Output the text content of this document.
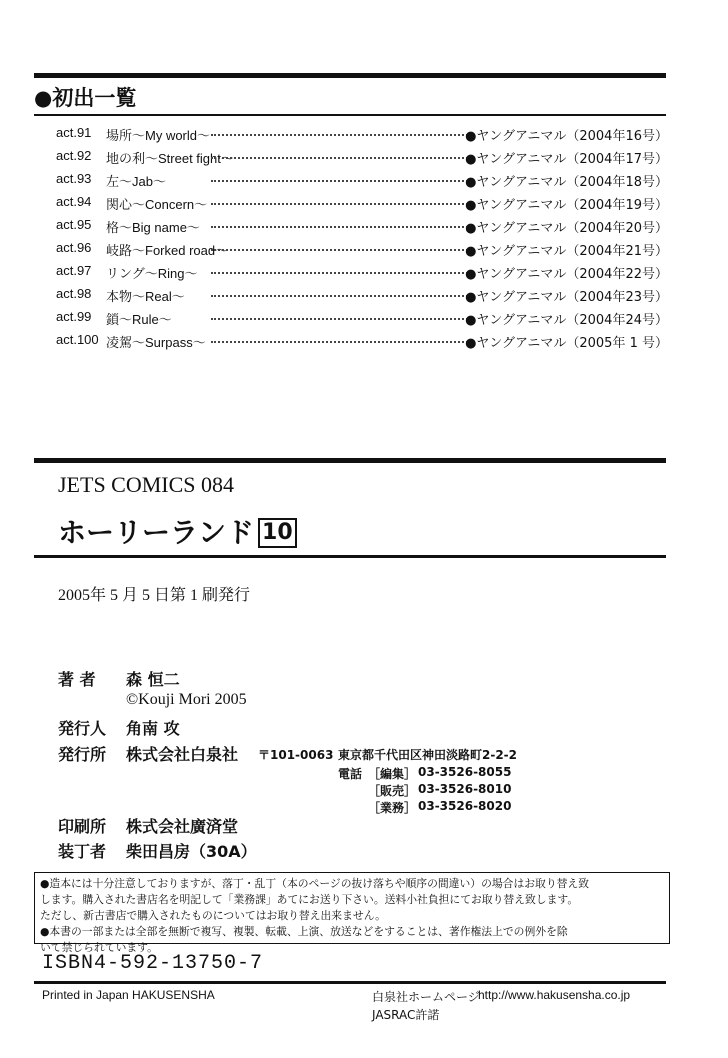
●初出一覧
act.91 場所〜My world〜	●ヤングアニマル（2004年16号）
act.92 地の利〜Street fight〜	●ヤングアニマル（2004年17号）
act.93 左〜Jab〜	●ヤングアニマル（2004年18号）
act.94 関心〜Concern〜	●ヤングアニマル（2004年19号）
act.95 格〜Big name〜	●ヤングアニマル（2004年20号）
act.96 岐路〜Forked road〜	●ヤングアニマル（2004年21号）
act.97 リング〜Ring〜	●ヤングアニマル（2004年22号）
act.98 本物〜Real〜	●ヤングアニマル（2004年23号）
act.99 鎖〜Rule〜	●ヤングアニマル（2004年24号）
act.100 凌駕〜Surpass〜	●ヤングアニマル（2005年 1 号）
JETS COMICS 084
ホーリーランド 10
2005年 5 月 5 日第 1 刷発行
著 者 森 恒二
©Kouji Mori 2005
発行人 角南 攻
発行所 株式会社白泉社 〒101-0063 東京都千代田区神田淡路町2-2-2
電話 ［編集］ 03-3526-8055
［販売］ 03-3526-8010
［業務］ 03-3526-8020
印刷所 株式会社廣済堂
装丁者 柴田昌房（30A）
●造本には十分注意しておりますが、落丁・乱丁（本のページの抜け落ちや順序の間違い）の場合はお取り替え致
します。購入された書店名を明記して「業務課」あてにお送り下さい。送料小社負担にてお取り替え致します。
ただし、新古書店で購入されたものについてはお取り替え出来ません。
●本書の一部または全部を無断で複写、複製、転載、上演、放送などをすることは、著作権法上での例外を除
いて禁じられています。
ISBN4-592-13750-7
Printed in Japan HAKUSENSHA	白泉社ホームページ
http://www.hakusensha.co.jp
JASRAC許諾
